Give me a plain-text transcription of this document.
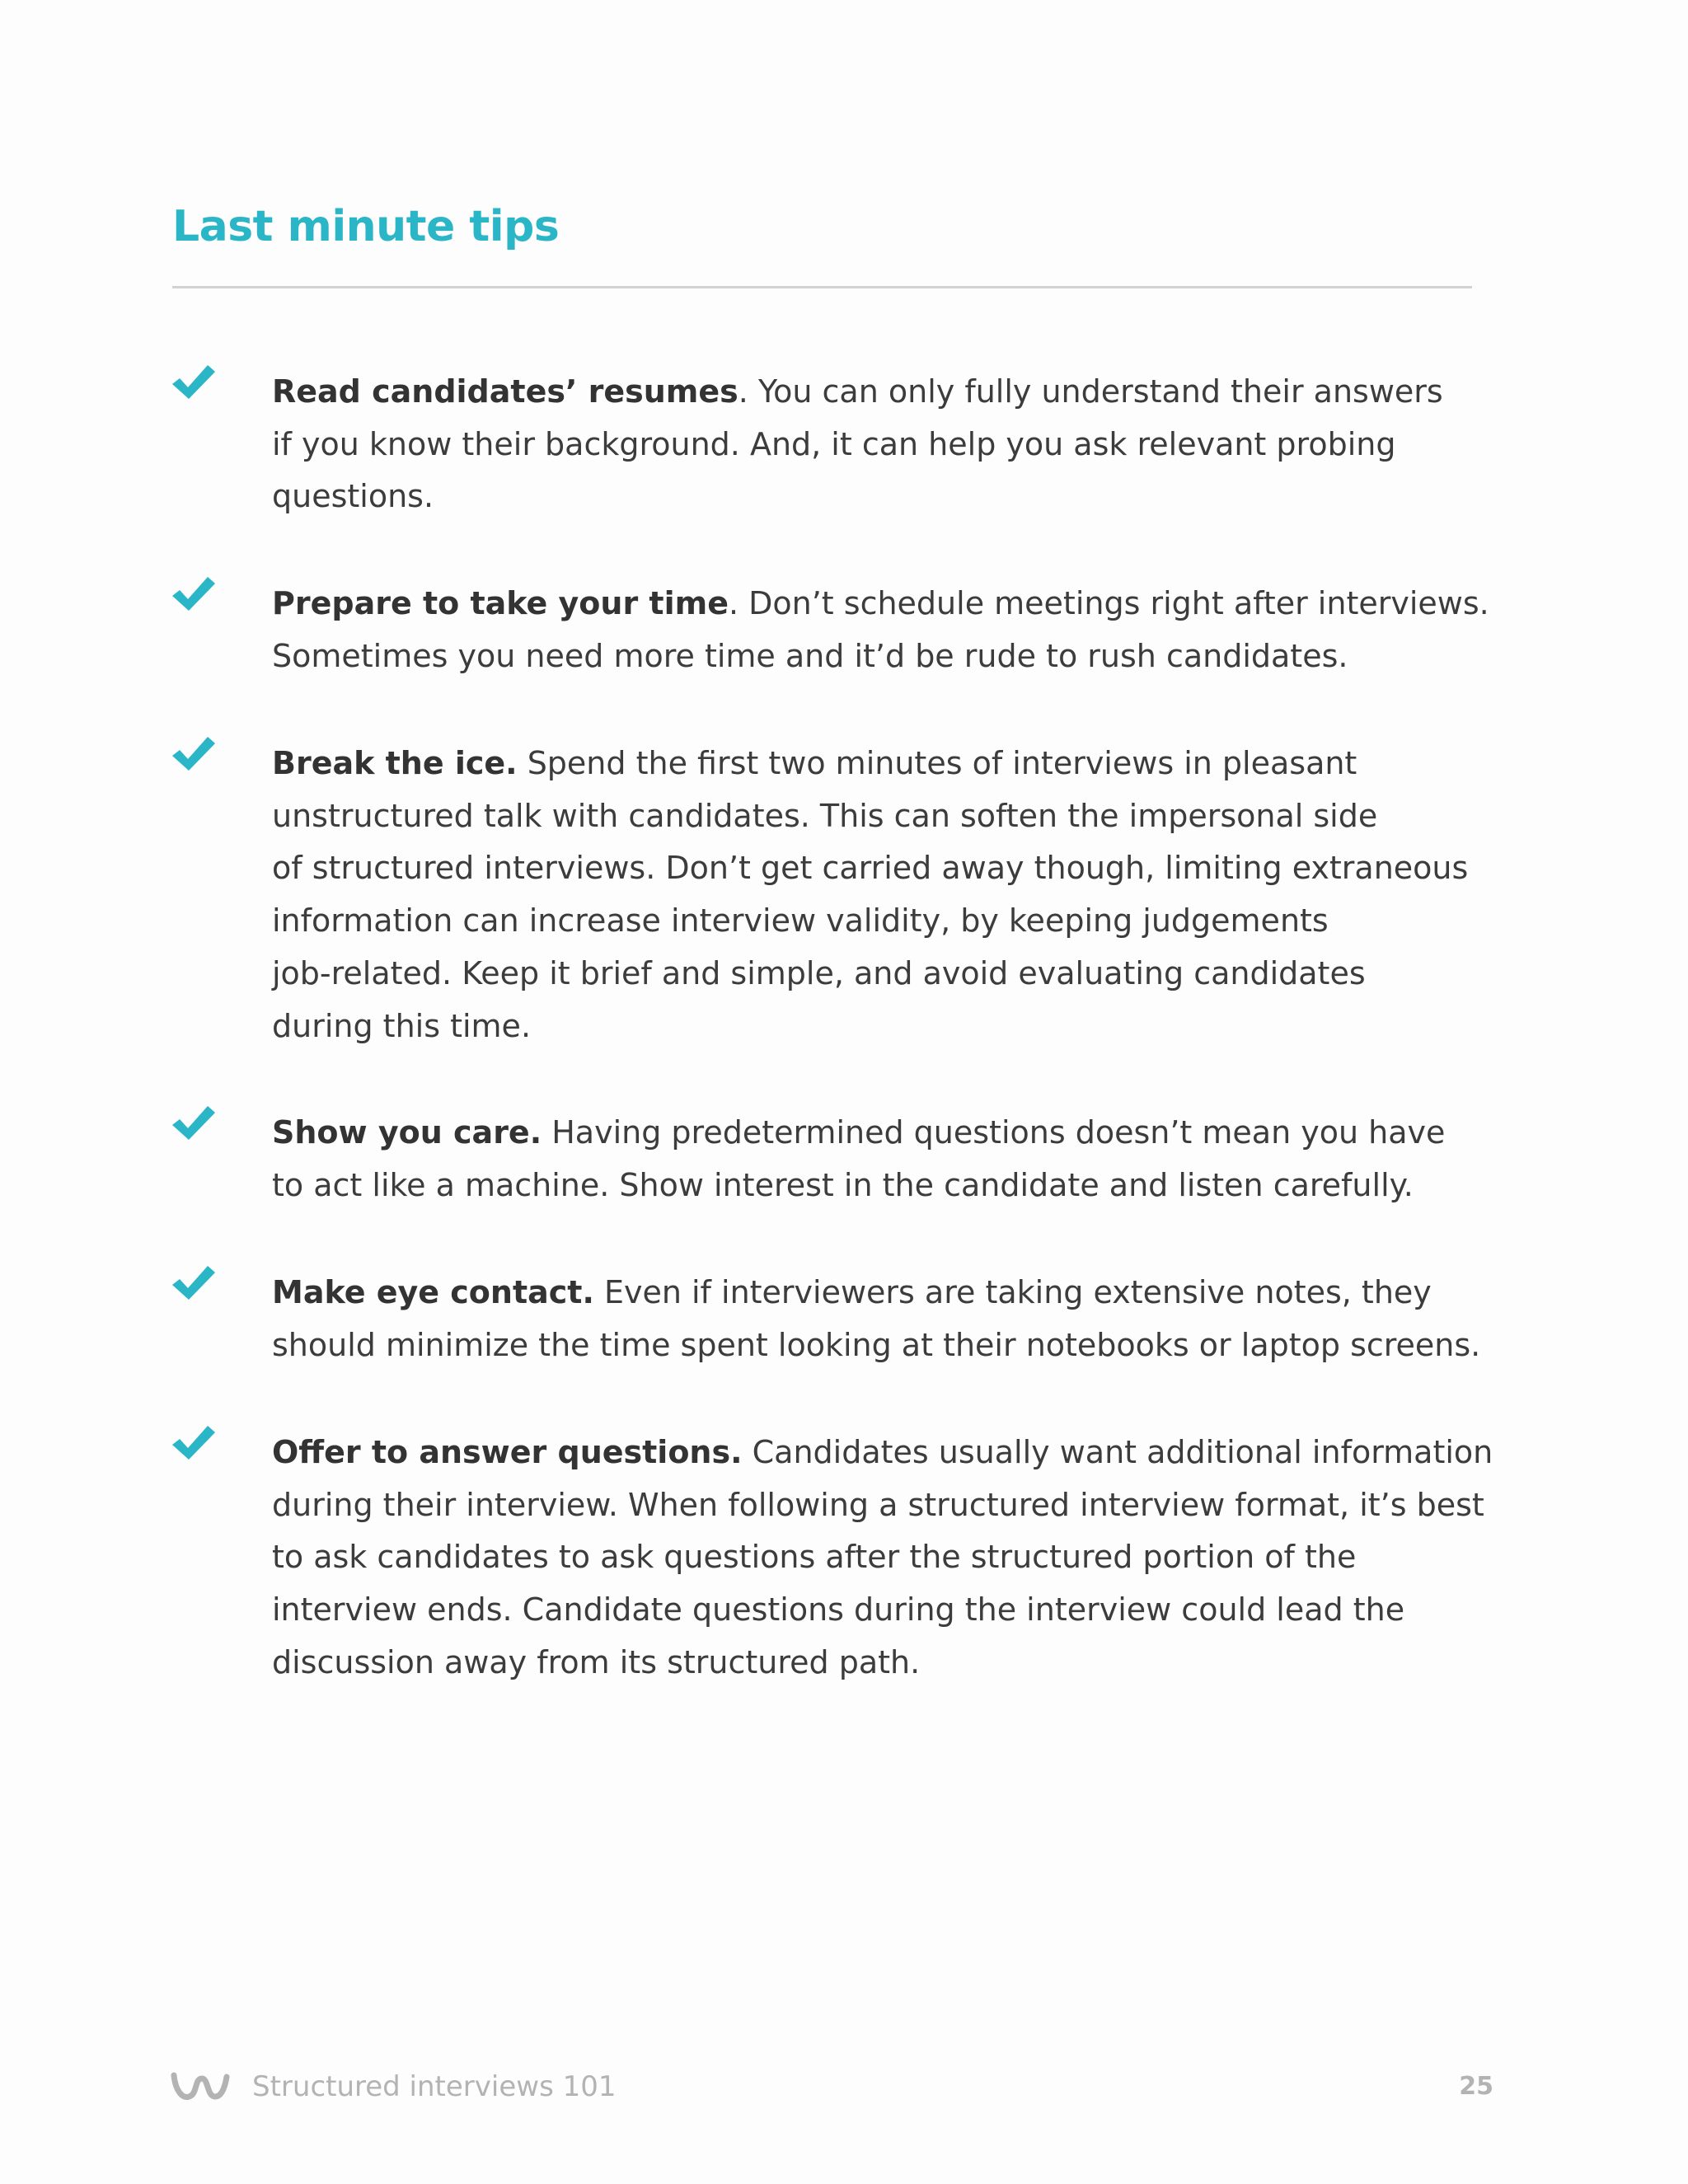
Last minute tips

Read candidates’ resumes. You can only fully understand their answers
if you know their background. And, it can help you ask relevant probing
questions.

Prepare to take your time. Don’t schedule meetings right after interviews.
Sometimes you need more time and it’d be rude to rush candidates.

Break the ice. Spend the first two minutes of interviews in pleasant
unstructured talk with candidates. This can soften the impersonal side
of structured interviews. Don’t get carried away though, limiting extraneous
information can increase interview validity, by keeping judgements
job-related. Keep it brief and simple, and avoid evaluating candidates
during this time.

Show you care. Having predetermined questions doesn’t mean you have
to act like a machine. Show interest in the candidate and listen carefully.

Make eye contact. Even if interviewers are taking extensive notes, they
should minimize the time spent looking at their notebooks or laptop screens.

Offer to answer questions. Candidates usually want additional information
during their interview. When following a structured interview format, it’s best
to ask candidates to ask questions after the structured portion of the
interview ends. Candidate questions during the interview could lead the
discussion away from its structured path.

Structured interviews 101	25
